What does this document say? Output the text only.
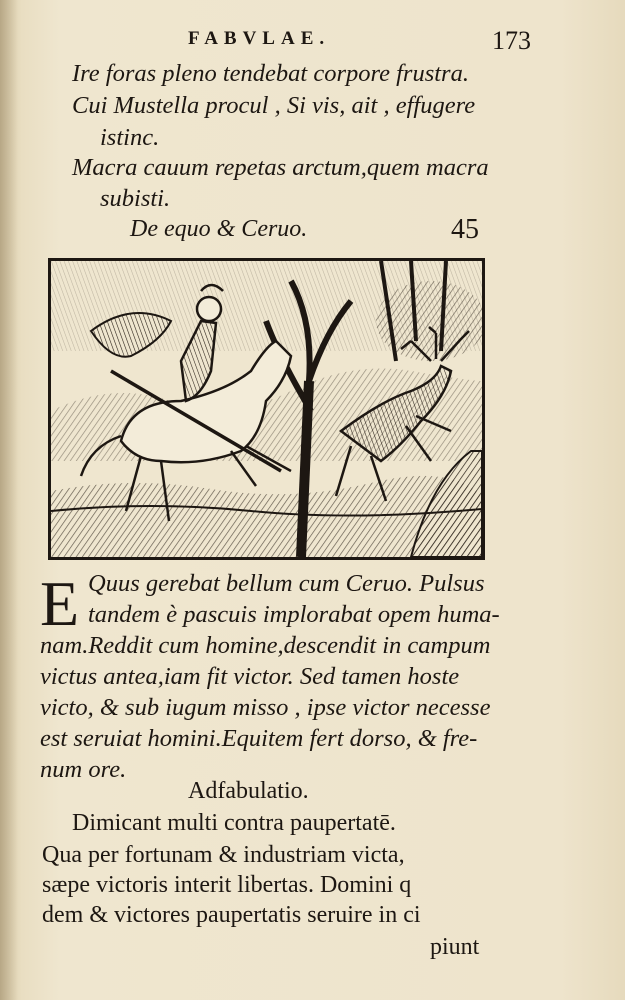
FABVLAE.	173
Ire foras pleno tendebat corpore frustra.
Cui Mustella procul , Si vis, ait , effugere
istinc.
Macra cauum repetas arctum,quem macra
subisti.
De equo & Ceruo.	45
E Quus gerebat bellum cum Ceruo. Pulsus
tandem è pascuis implorabat opem huma-
nam.Reddit cum homine,descendit in campum
victus antea,iam fit victor. Sed tamen hoste
victo, & sub iugum misso , ipse victor necesse
est seruiat homini.Equitem fert dorso, & fre-
num ore.
Adfabulatio.
Dimicant multi contra paupertatē.
Qua per fortunam & industriam victa,
sæpe victoris interit libertas. Domini q
dem & victores paupertatis seruire in ci
piunt
